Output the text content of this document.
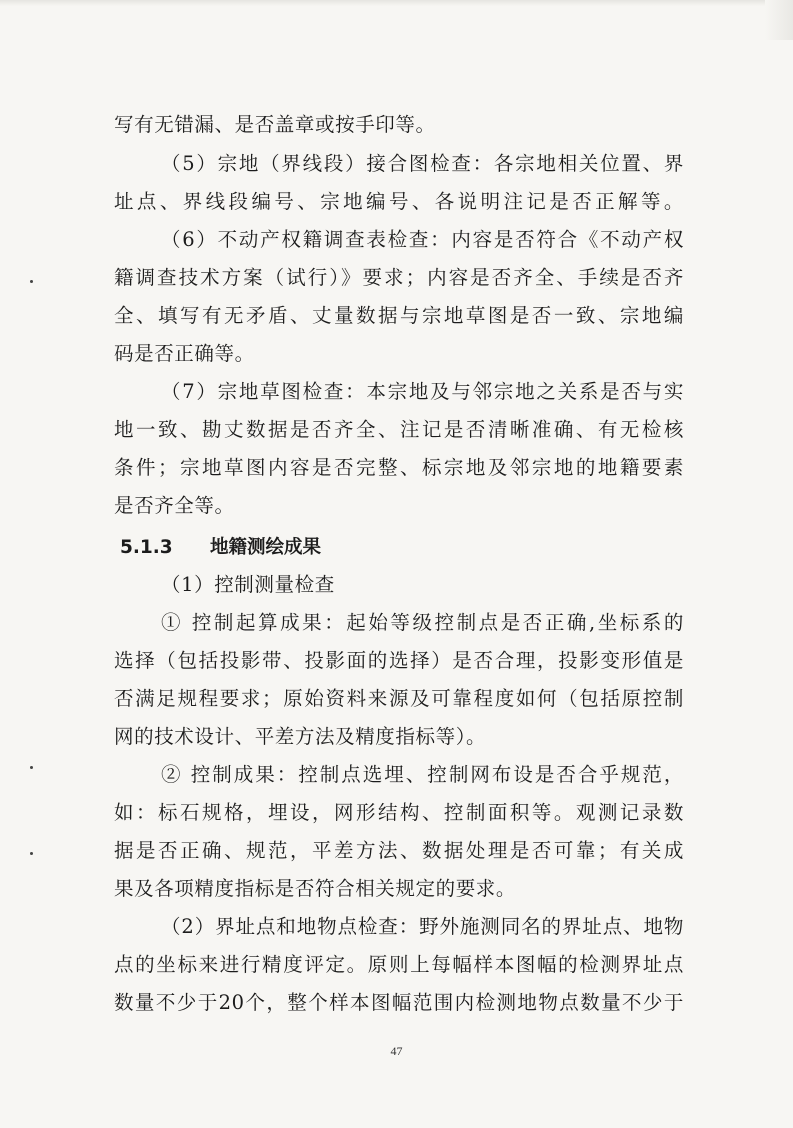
写有无错漏、是否盖章或按手印等。
（5）宗地（界线段）接合图检查：各宗地相关位置、界
址点、界线段编号、宗地编号、各说明注记是否正解等。
（6）不动产权籍调查表检查：内容是否符合《不动产权
籍调查技术方案（试行）》要求；内容是否齐全、手续是否齐
全、填写有无矛盾、丈量数据与宗地草图是否一致、宗地编
码是否正确等。
（7）宗地草图检查：本宗地及与邻宗地之关系是否与实
地一致、勘丈数据是否齐全、注记是否清晰准确、有无检核
条件；宗地草图内容是否完整、标宗地及邻宗地的地籍要素
是否齐全等。
5.1.3 地籍测绘成果
（1）控制测量检查
① 控制起算成果：起始等级控制点是否正确,坐标系的
选择（包括投影带、投影面的选择）是否合理，投影变形值是
否满足规程要求；原始资料来源及可靠程度如何（包括原控制
网的技术设计、平差方法及精度指标等）。
② 控制成果：控制点选埋、控制网布设是否合乎规范，
如：标石规格，埋设，网形结构、控制面积等。观测记录数
据是否正确、规范，平差方法、数据处理是否可靠；有关成
果及各项精度指标是否符合相关规定的要求。
（2）界址点和地物点检查：野外施测同名的界址点、地物
点的坐标来进行精度评定。原则上每幅样本图幅的检测界址点
数量不少于20个，整个样本图幅范围内检测地物点数量不少于
47
